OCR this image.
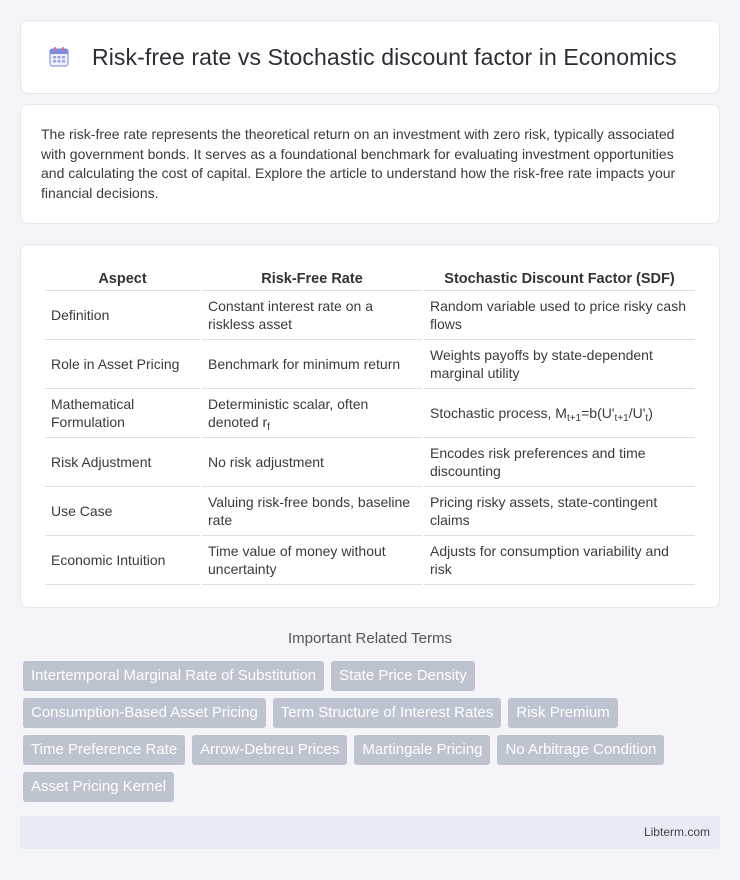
Risk-free rate vs Stochastic discount factor in Economics

The risk-free rate represents the theoretical return on an investment with zero risk, typically associated with government bonds. It serves as a foundational benchmark for evaluating investment opportunities and calculating the cost of capital. Explore the article to understand how the risk-free rate impacts your financial decisions.

Aspect	Risk-Free Rate	Stochastic Discount Factor (SDF)
Definition	Constant interest rate on a riskless asset	Random variable used to price risky cash flows
Role in Asset Pricing	Benchmark for minimum return	Weights payoffs by state-dependent marginal utility
Mathematical Formulation	Deterministic scalar, often denoted $r_f$	Stochastic process, $M_{t+1}=b(U'_{t+1}/U'_t)$
Risk Adjustment	No risk adjustment	Encodes risk preferences and time discounting
Use Case	Valuing risk-free bonds, baseline rate	Pricing risky assets, state-contingent claims
Economic Intuition	Time value of money without uncertainty	Adjusts for consumption variability and risk
Important Related Terms
Intertemporal Marginal Rate of Substitution	State Price Density
Consumption-Based Asset Pricing	Term Structure of Interest Rates	Risk Premium
Time Preference Rate	Arrow-Debreu Prices	Martingale Pricing	No Arbitrage Condition
Asset Pricing Kernel
Libterm.com
